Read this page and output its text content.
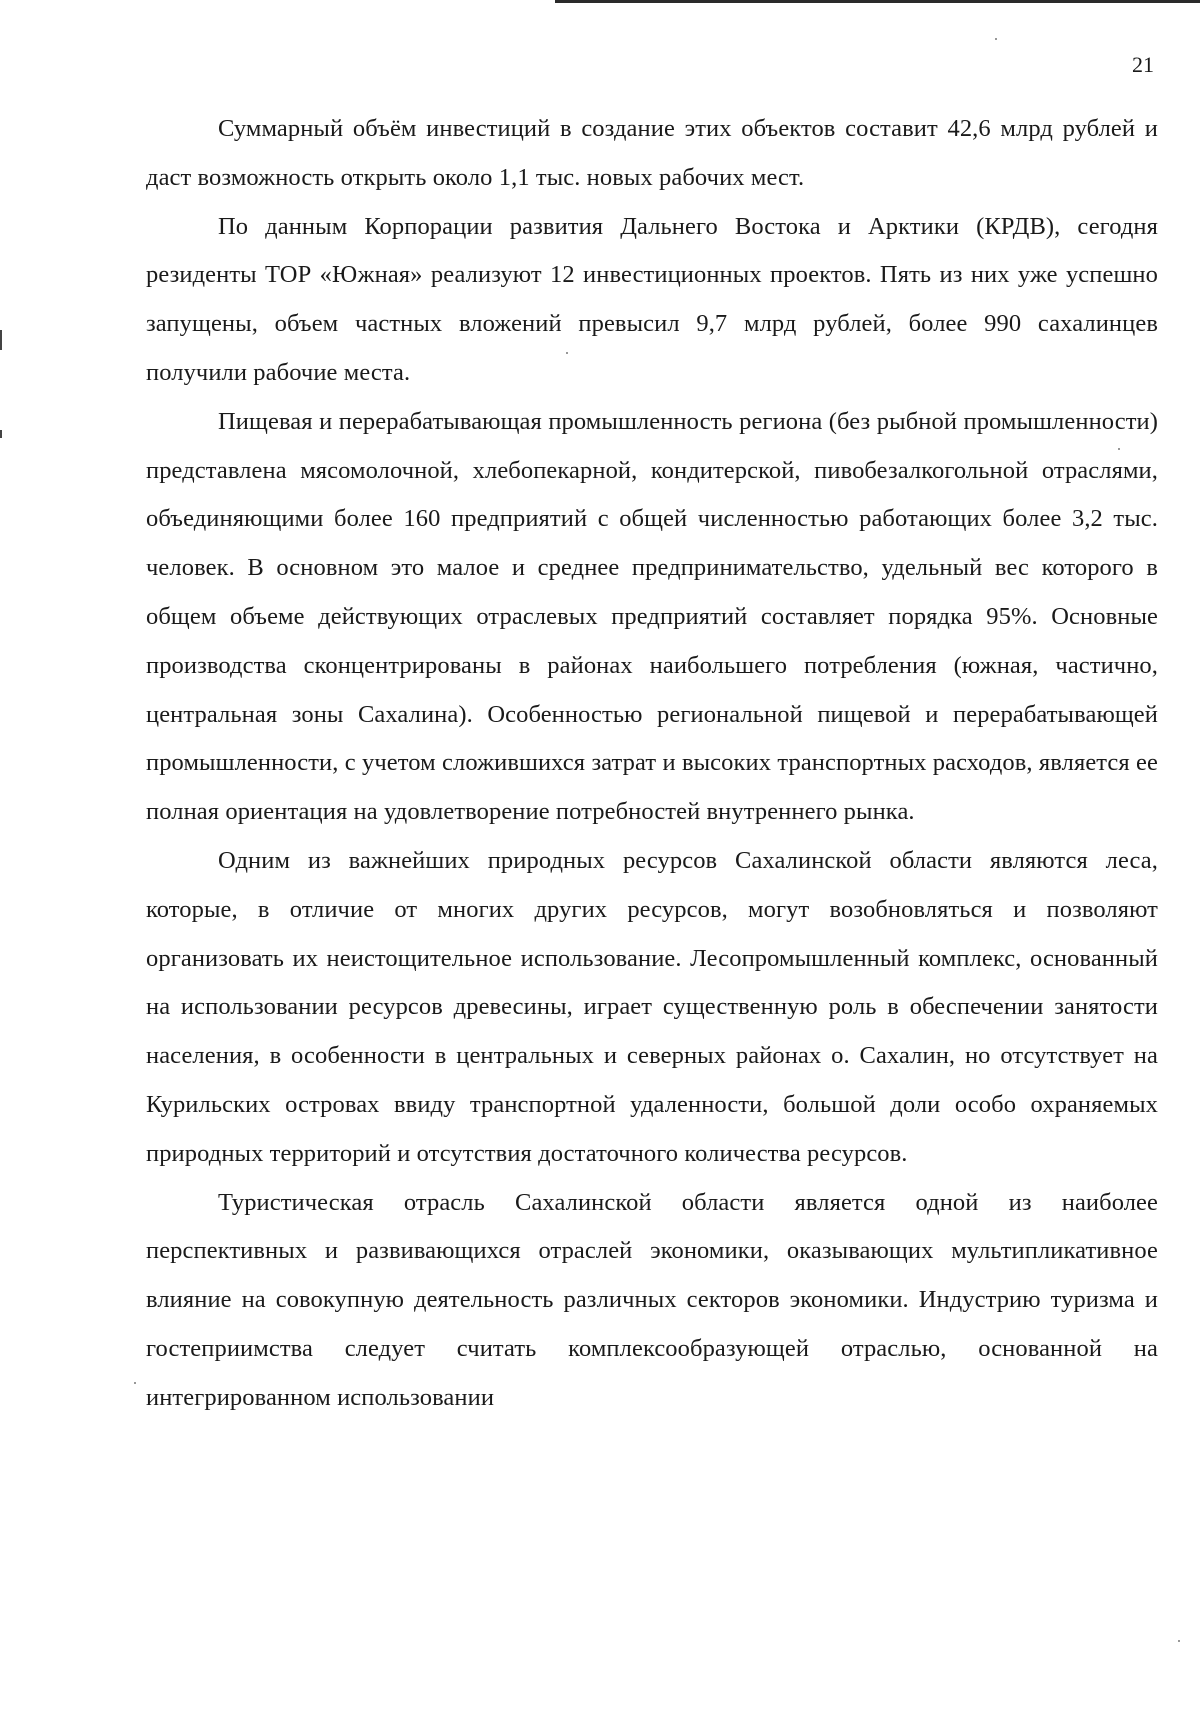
21

Суммарный объём инвестиций в создание этих объектов составит 42,6 млрд рублей и даст возможность открыть около 1,1 тыс. новых рабочих мест.

По данным Корпорации развития Дальнего Востока и Арктики (КРДВ), сегодня резиденты ТОР «Южная» реализуют 12 инвестиционных проектов. Пять из них уже успешно запущены, объем частных вложений превысил 9,7 млрд рублей, более 990 сахалинцев получили рабочие места.

Пищевая и перерабатывающая промышленность региона (без рыбной промышленности) представлена мясомолочной, хлебопекарной, кондитерской, пивобезалкогольной отраслями, объединяющими более 160 предприятий с общей численностью работающих более 3,2 тыс. человек. В основном это малое и среднее предпринимательство, удельный вес которого в общем объеме действующих отраслевых предприятий составляет порядка 95%. Основные производства сконцентрированы в районах наибольшего потребления (южная, частично, центральная зоны Сахалина). Особенностью региональной пищевой и перерабатывающей промышленности, с учетом сложившихся затрат и высоких транспортных расходов, является ее полная ориентация на удовлетворение потребностей внутреннего рынка.

Одним из важнейших природных ресурсов Сахалинской области являются леса, которые, в отличие от многих других ресурсов, могут возобновляться и позволяют организовать их неистощительное использование. Лесопромышленный комплекс, основанный на использовании ресурсов древесины, играет существенную роль в обеспечении занятости населения, в особенности в центральных и северных районах о. Сахалин, но отсутствует на Курильских островах ввиду транспортной удаленности, большой доли особо охраняемых природных территорий и отсутствия достаточного количества ресурсов.

Туристическая отрасль Сахалинской области является одной из наиболее перспективных и развивающихся отраслей экономики, оказывающих мультипликативное влияние на совокупную деятельность различных секторов экономики. Индустрию туризма и гостеприимства следует считать комплексообразующей отраслью, основанной на интегрированном использовании
